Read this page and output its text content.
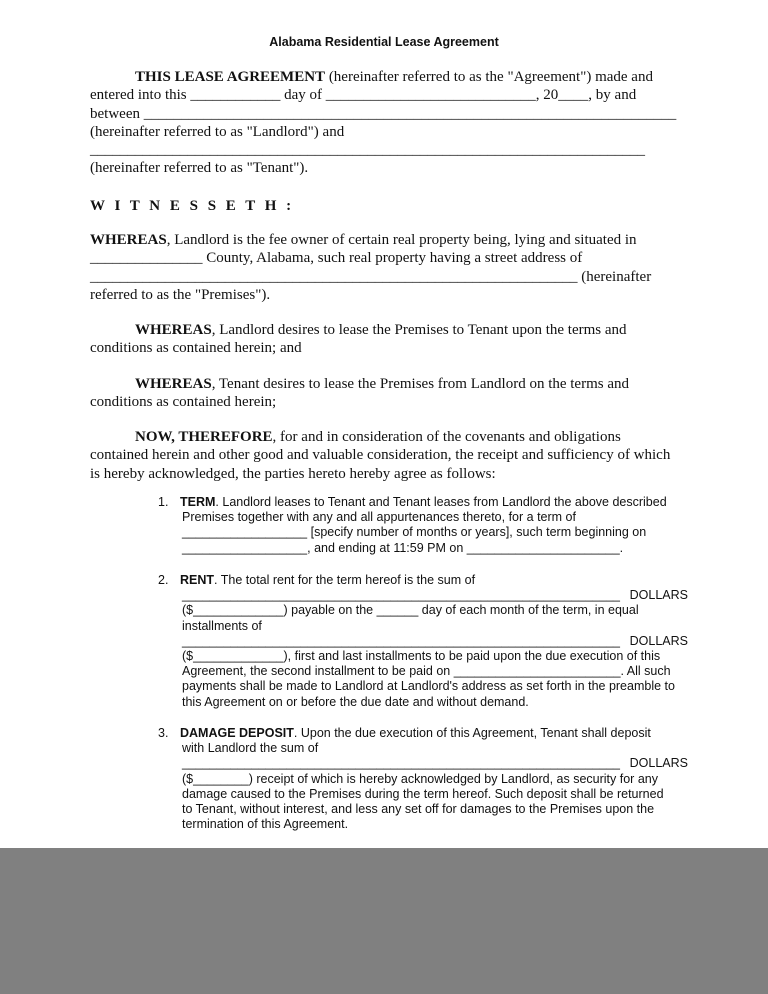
Alabama Residential Lease Agreement

THIS LEASE AGREEMENT (hereinafter referred to as the "Agreement") made and

entered into this ____________ day of ____________________________, 20____, by and

between _______________________________________________________________________

(hereinafter referred to as "Landlord") and

__________________________________________________________________________

(hereinafter referred to as "Tenant").

W I T N E S S E T H :

WHEREAS, Landlord is the fee owner of certain real property being, lying and situated in

_______________ County, Alabama, such real property having a street address of

_________________________________________________________________ (hereinafter

referred to as the "Premises").

WHEREAS, Landlord desires to lease the Premises to Tenant upon the terms and

conditions as contained herein; and

WHEREAS, Tenant desires to lease the Premises from Landlord on the terms and

conditions as contained herein;

NOW, THEREFORE, for and in consideration of the covenants and obligations

contained herein and other good and valuable consideration, the receipt and sufficiency of which

is hereby acknowledged, the parties hereto hereby agree as follows:

1. TERM. Landlord leases to Tenant and Tenant leases from Landlord the above described

Premises together with any and all appurtenances thereto, for a term of

__________________ [specify number of months or years], such term beginning on

__________________, and ending at 11:59 PM on ______________________.

2. RENT. The total rent for the term hereof is the sum of

_______________________________________________________________ DOLLARS

($_____________) payable on the ______ day of each month of the term, in equal

installments of

_______________________________________________________________ DOLLARS

($_____________), first and last installments to be paid upon the due execution of this

Agreement, the second installment to be paid on ________________________. All such

payments shall be made to Landlord at Landlord's address as set forth in the preamble to

this Agreement on or before the due date and without demand.

3. DAMAGE DEPOSIT. Upon the due execution of this Agreement, Tenant shall deposit

with Landlord the sum of

_______________________________________________________________ DOLLARS

($________) receipt of which is hereby acknowledged by Landlord, as security for any

damage caused to the Premises during the term hereof. Such deposit shall be returned

to Tenant, without interest, and less any set off for damages to the Premises upon the

termination of this Agreement.
